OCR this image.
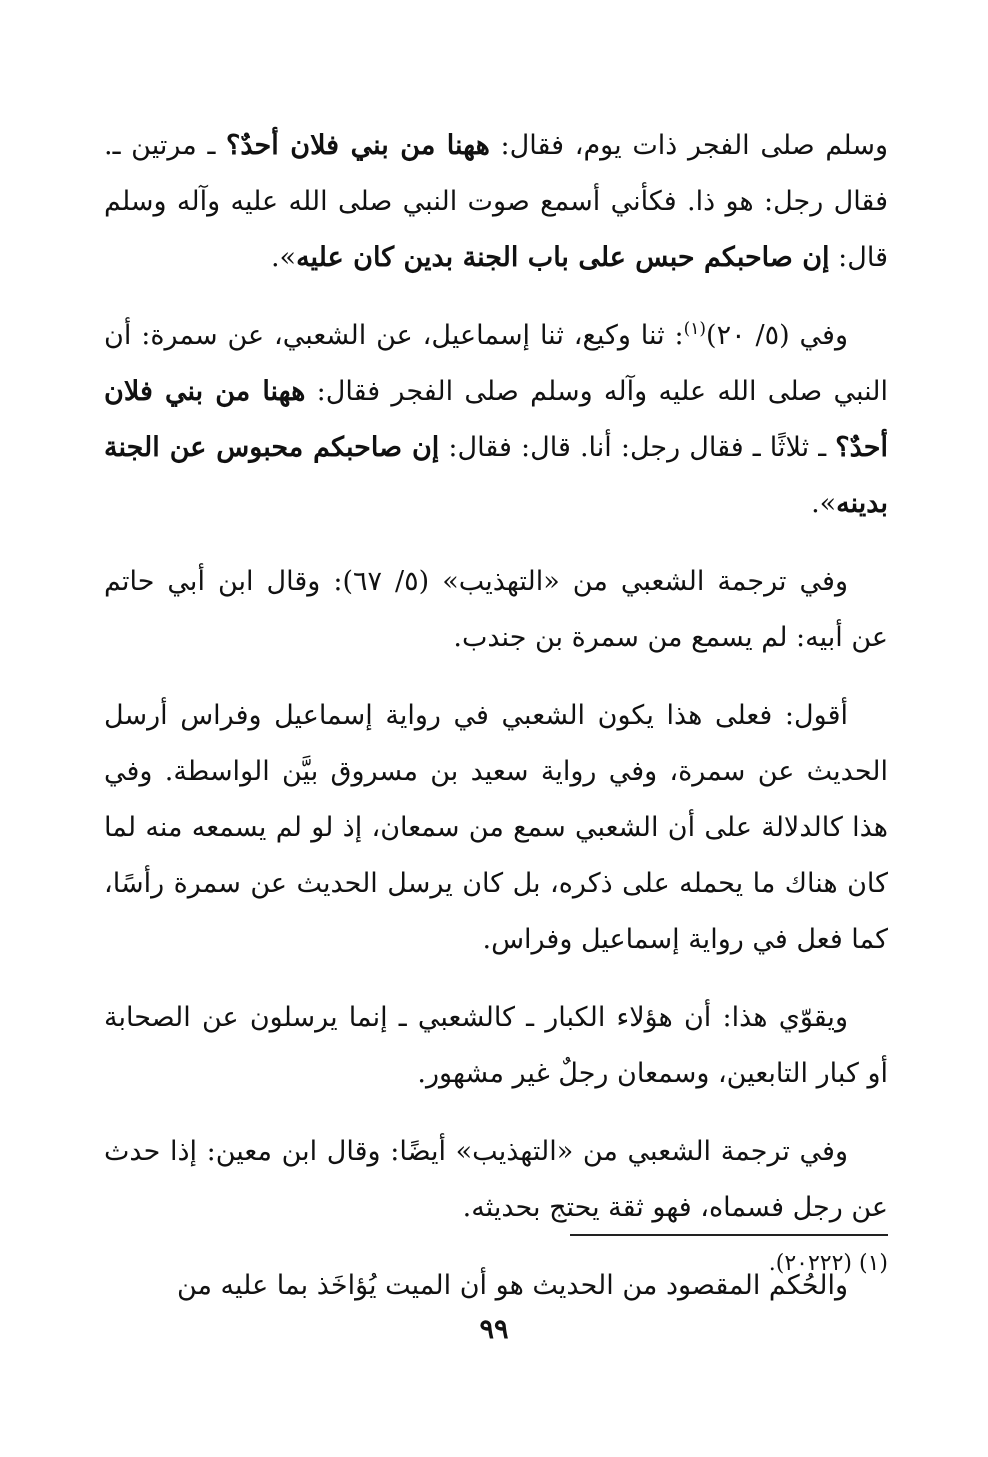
وسلم صلى الفجر ذات يوم، فقال: ههنا من بني فلان أحدٌ؟ ـ مرتين ـ. فقال رجل: هو ذا. فكأني أسمع صوت النبي صلى الله عليه وآله وسلم قال: إن صاحبكم حبس على باب الجنة بدين كان عليه».

وفي (٥/ ٢٠)$^{(١)}$: ثنا وكيع، ثنا إسماعيل، عن الشعبي، عن سمرة: أن النبي صلى الله عليه وآله وسلم صلى الفجر فقال: ههنا من بني فلان أحدٌ؟ ـ ثلاثًا ـ فقال رجل: أنا. قال: فقال: إن صاحبكم محبوس عن الجنة بدينه».

وفي ترجمة الشعبي من «التهذيب» (٥/ ٦٧): وقال ابن أبي حاتم عن أبيه: لم يسمع من سمرة بن جندب.

أقول: فعلى هذا يكون الشعبي في رواية إسماعيل وفراس أرسل الحديث عن سمرة، وفي رواية سعيد بن مسروق بيَّن الواسطة. وفي هذا كالدلالة على أن الشعبي سمع من سمعان، إذ لو لم يسمعه منه لما كان هناك ما يحمله على ذكره، بل كان يرسل الحديث عن سمرة رأسًا، كما فعل في رواية إسماعيل وفراس.

ويقوّي هذا: أن هؤلاء الكبار ـ كالشعبي ـ إنما يرسلون عن الصحابة أو كبار التابعين، وسمعان رجلٌ غير مشهور.

وفي ترجمة الشعبي من «التهذيب» أيضًا: وقال ابن معين: إذا حدث عن رجل فسماه، فهو ثقة يحتج بحديثه.

والحُكم المقصود من الحديث هو أن الميت يُؤاخَذ بما عليه من

(١) (٢٠٢٢٢).
٩٩
